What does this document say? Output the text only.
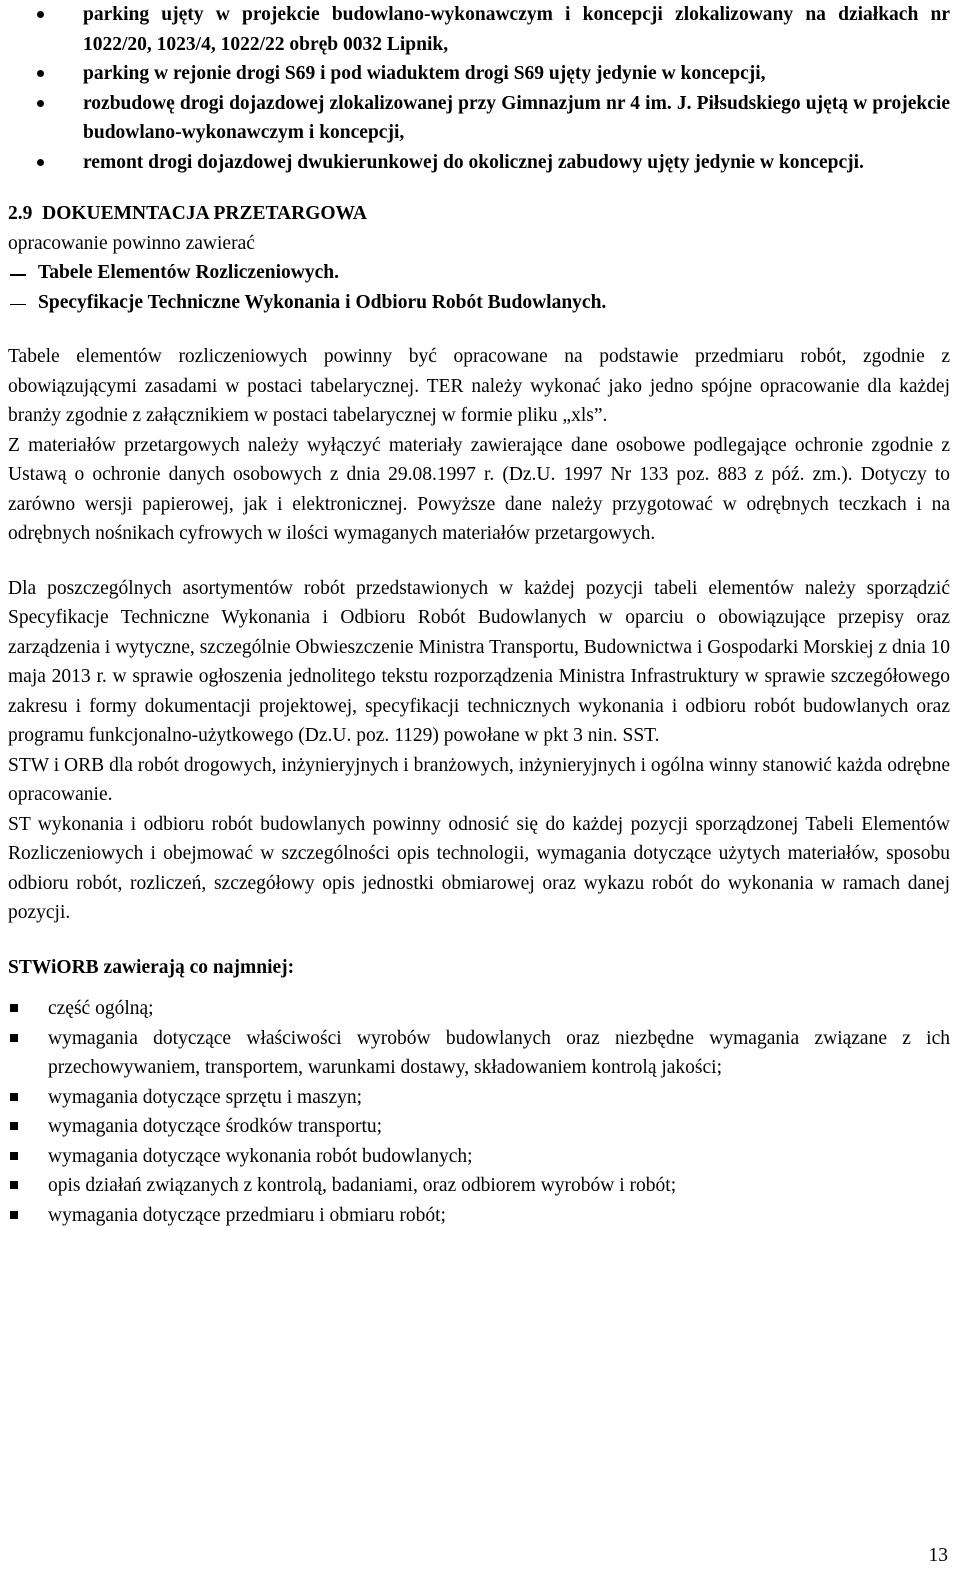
parking ujęty w projekcie budowlano-wykonawczym i koncepcji zlokalizowany na działkach nr 1022/20, 1023/4, 1022/22 obręb 0032 Lipnik,
parking w rejonie drogi S69 i pod wiaduktem drogi S69 ujęty jedynie w koncepcji,
rozbudowę drogi dojazdowej zlokalizowanej przy Gimnazjum nr 4 im. J. Piłsudskiego ujętą w projekcie budowlano-wykonawczym i koncepcji,
remont drogi dojazdowej dwukierunkowej do okolicznej zabudowy ujęty jedynie w koncepcji.

2.9  DOKUEMNTACJA PRZETARGOWA

opracowanie powinno zawierać

Tabele Elementów Rozliczeniowych.
Specyfikacje Techniczne Wykonania i Odbioru Robót Budowlanych.

Tabele elementów rozliczeniowych powinny być opracowane na podstawie przedmiaru robót, zgodnie z obowiązującymi zasadami w postaci tabelarycznej. TER należy wykonać jako jedno spójne opracowanie dla każdej branży zgodnie z załącznikiem w postaci tabelarycznej w formie pliku „xls”.

Z materiałów przetargowych należy wyłączyć materiały zawierające dane osobowe podlegające ochronie zgodnie z Ustawą o ochronie danych osobowych z dnia 29.08.1997 r. (Dz.U. 1997 Nr 133 poz. 883 z póź. zm.). Dotyczy to zarówno wersji papierowej, jak i elektronicznej. Powyższe dane należy przygotować w odrębnych teczkach i na odrębnych nośnikach cyfrowych w ilości wymaganych materiałów przetargowych.

Dla poszczególnych asortymentów robót przedstawionych w każdej pozycji tabeli elementów należy sporządzić Specyfikacje Techniczne Wykonania i Odbioru Robót Budowlanych w oparciu o obowiązujące przepisy oraz zarządzenia i wytyczne, szczególnie Obwieszczenie Ministra Transportu, Budownictwa i Gospodarki Morskiej z dnia 10 maja 2013 r. w sprawie ogłoszenia jednolitego tekstu rozporządzenia Ministra Infrastruktury w sprawie szczegółowego zakresu i formy dokumentacji projektowej, specyfikacji technicznych wykonania i odbioru robót budowlanych oraz programu funkcjonalno-użytkowego (Dz.U. poz. 1129) powołane w pkt 3 nin. SST.

STW i ORB dla robót drogowych, inżynieryjnych i branżowych, inżynieryjnych i ogólna winny stanowić każda odrębne opracowanie.

ST wykonania i odbioru robót budowlanych powinny odnosić się do każdej pozycji sporządzonej Tabeli Elementów Rozliczeniowych i obejmować w szczególności opis technologii, wymagania dotyczące użytych materiałów, sposobu odbioru robót, rozliczeń, szczegółowy opis jednostki obmiarowej oraz wykazu robót do wykonania w ramach danej pozycji.

STWiORB zawierają co najmniej:

część ogólną;
wymagania dotyczące właściwości wyrobów budowlanych oraz niezbędne wymagania związane z ich przechowywaniem, transportem, warunkami dostawy, składowaniem kontrolą jakości;
wymagania dotyczące sprzętu i maszyn;
wymagania dotyczące środków transportu;
wymagania dotyczące wykonania robót budowlanych;
opis działań związanych z kontrolą, badaniami, oraz odbiorem wyrobów i robót;
wymagania dotyczące przedmiaru i obmiaru robót;
13
